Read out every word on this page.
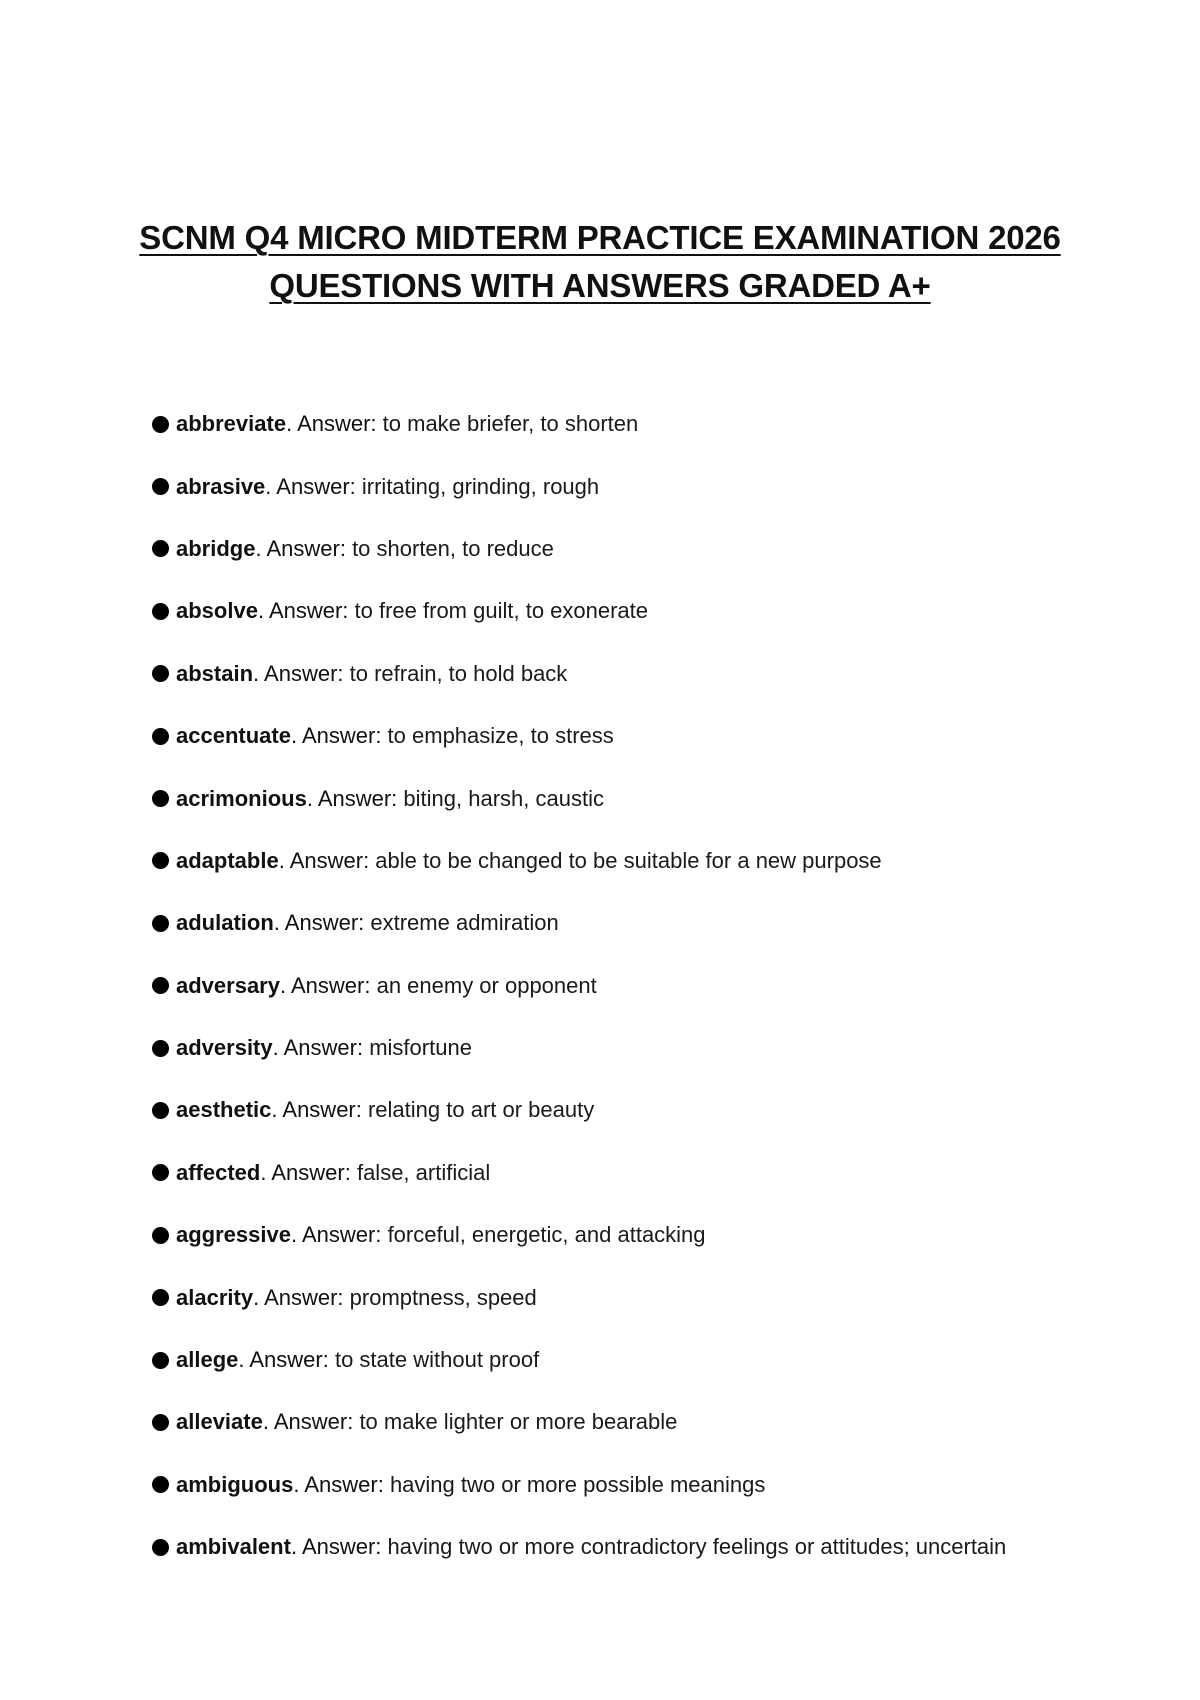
SCNM Q4 MICRO MIDTERM PRACTICE EXAMINATION 2026
QUESTIONS WITH ANSWERS GRADED A+
abbreviate . Answer: to make briefer, to shorten
abrasive . Answer: irritating, grinding, rough
abridge . Answer: to shorten, to reduce
absolve . Answer: to free from guilt, to exonerate
abstain . Answer: to refrain, to hold back
accentuate . Answer: to emphasize, to stress
acrimonious . Answer: biting, harsh, caustic
adaptable . Answer: able to be changed to be suitable for a new purpose
adulation . Answer: extreme admiration
adversary . Answer: an enemy or opponent
adversity . Answer: misfortune
aesthetic . Answer: relating to art or beauty
affected . Answer: false, artificial
aggressive . Answer: forceful, energetic, and attacking
alacrity . Answer: promptness, speed
allege . Answer: to state without proof
alleviate . Answer: to make lighter or more bearable
ambiguous . Answer: having two or more possible meanings
ambivalent . Answer: having two or more contradictory feelings or attitudes; uncertain
